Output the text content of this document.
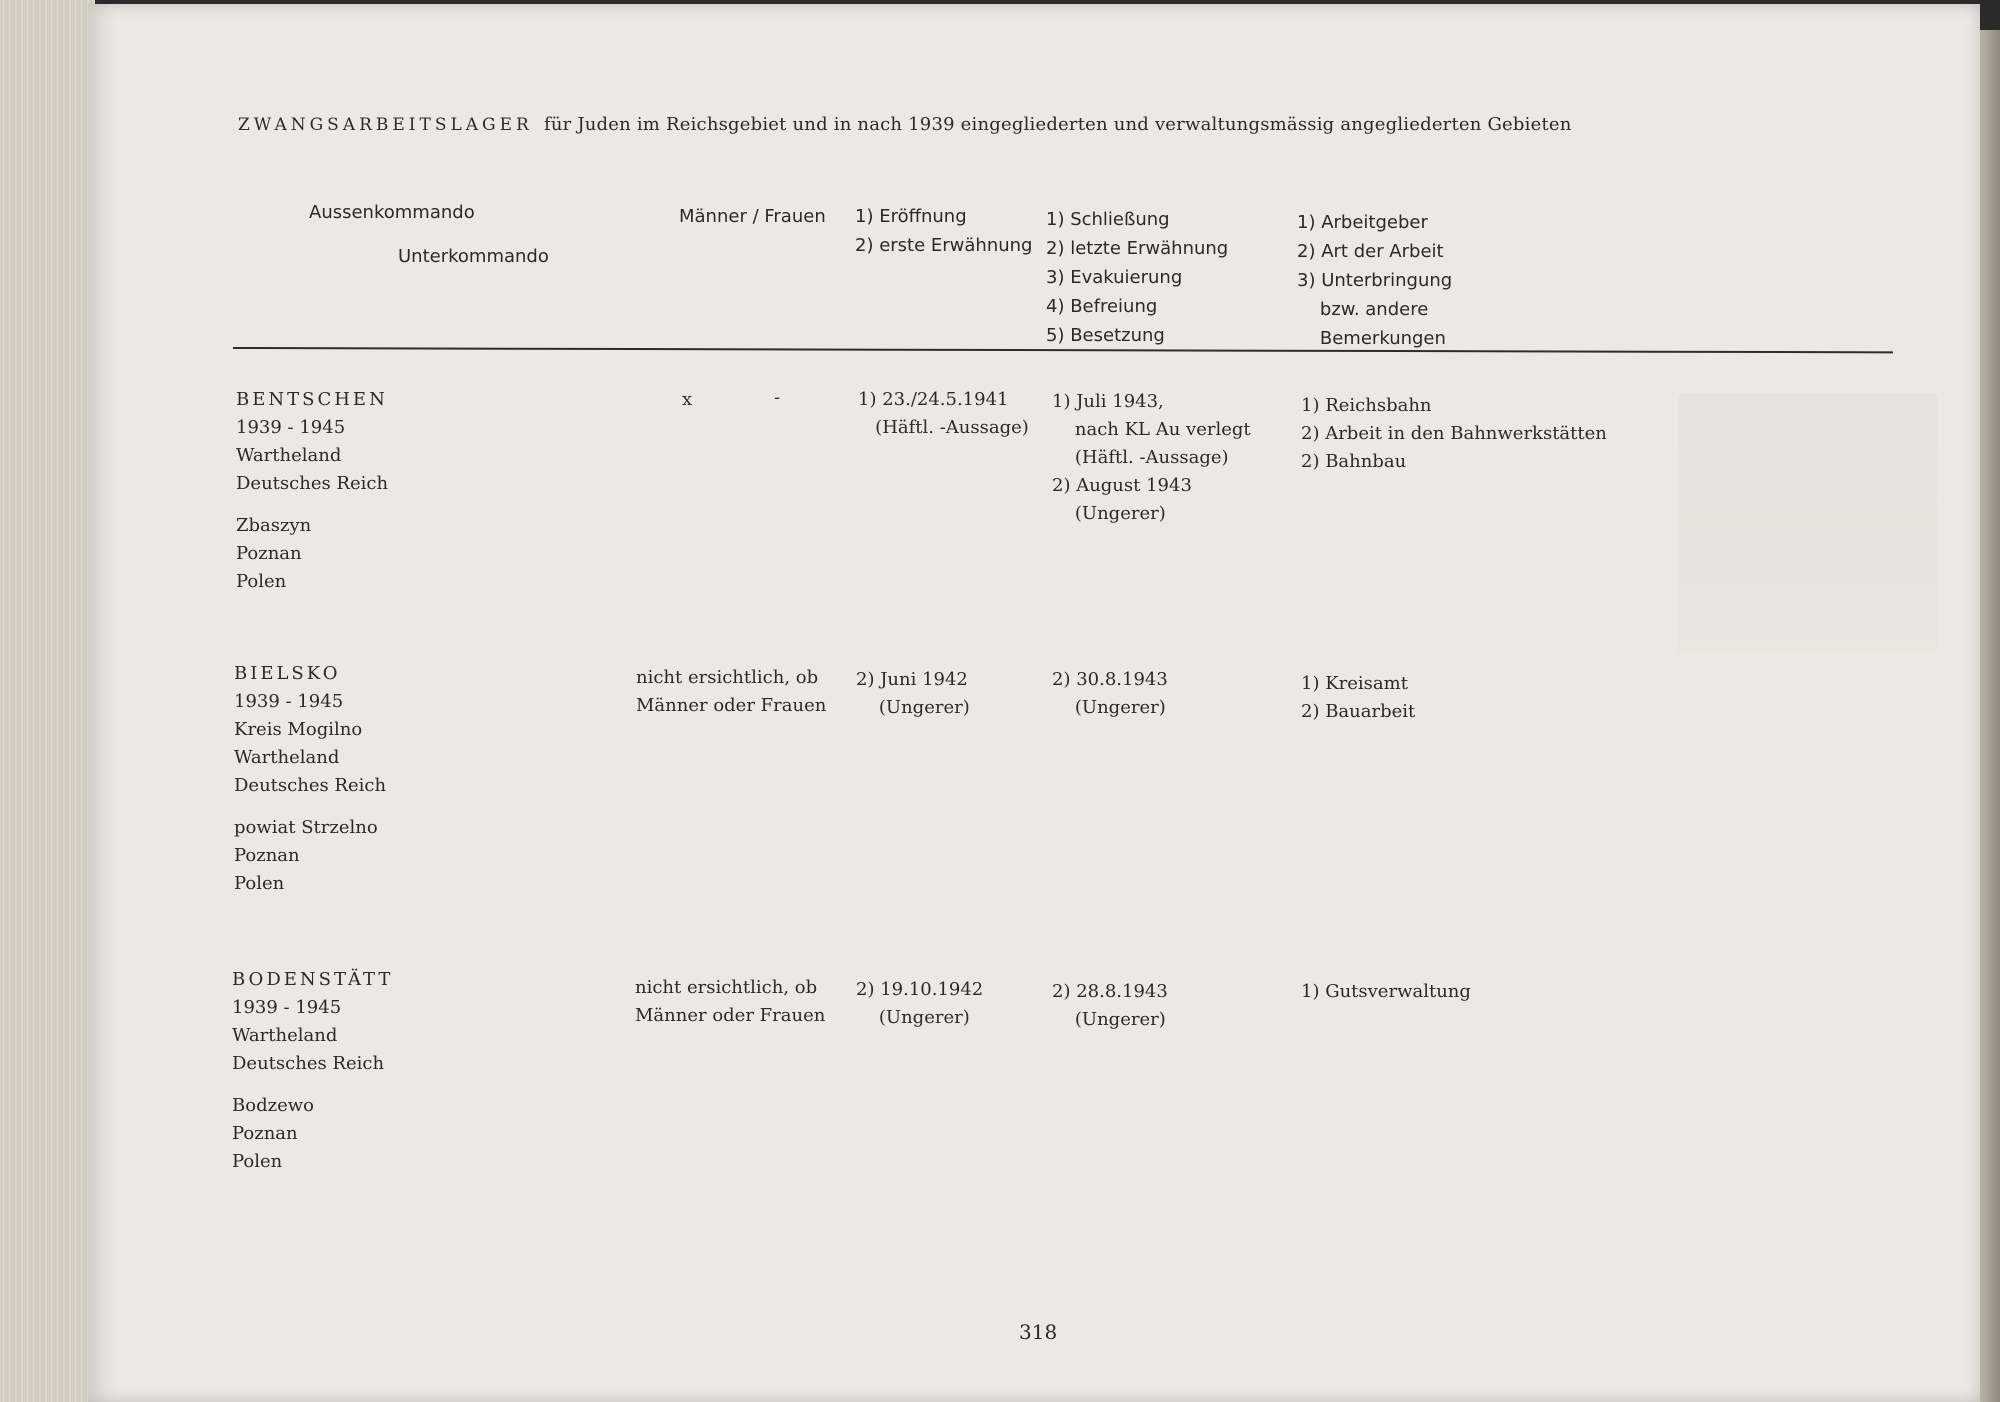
ZWANGSARBEITSLAGER für Juden im Reichsgebiet und in nach 1939 eingegliederten und verwaltungsmässig angegliederten Gebieten
Aussenkommando
Unterkommando
Männer / Frauen 1) Eröffnung
2) erste Erwähnung
1) Schließung
2) letzte Erwähnung
3) Evakuierung
4) Befreiung
5) Besetzung
1) Arbeitgeber
2) Art der Arbeit
3) Unterbringung
bzw. andere
Bemerkungen
BENTSCHEN
1939 - 1945
Wartheland
Deutsches Reich
Zbaszyn
Poznan
Polen
x	-	1) 23./24.5.1941
(Häftl. -Aussage)
1) Juli 1943,
nach KL Au verlegt
(Häftl. -Aussage)
2) August 1943
(Ungerer)
1) Reichsbahn
2) Arbeit in den Bahnwerkstätten
2) Bahnbau
BIELSKO
1939 - 1945
Kreis Mogilno
Wartheland
Deutsches Reich
powiat Strzelno
Poznan
Polen
nicht ersichtlich, ob
Männer oder Frauen
2) Juni 1942
(Ungerer)
2) 30.8.1943
(Ungerer)
1) Kreisamt
2) Bauarbeit
BODENSTÄTT
1939 - 1945
Wartheland
Deutsches Reich
Bodzewo
Poznan
Polen
nicht ersichtlich, ob
Männer oder Frauen
2) 19.10.1942
(Ungerer)
2) 28.8.1943
(Ungerer)
1) Gutsverwaltung
318
